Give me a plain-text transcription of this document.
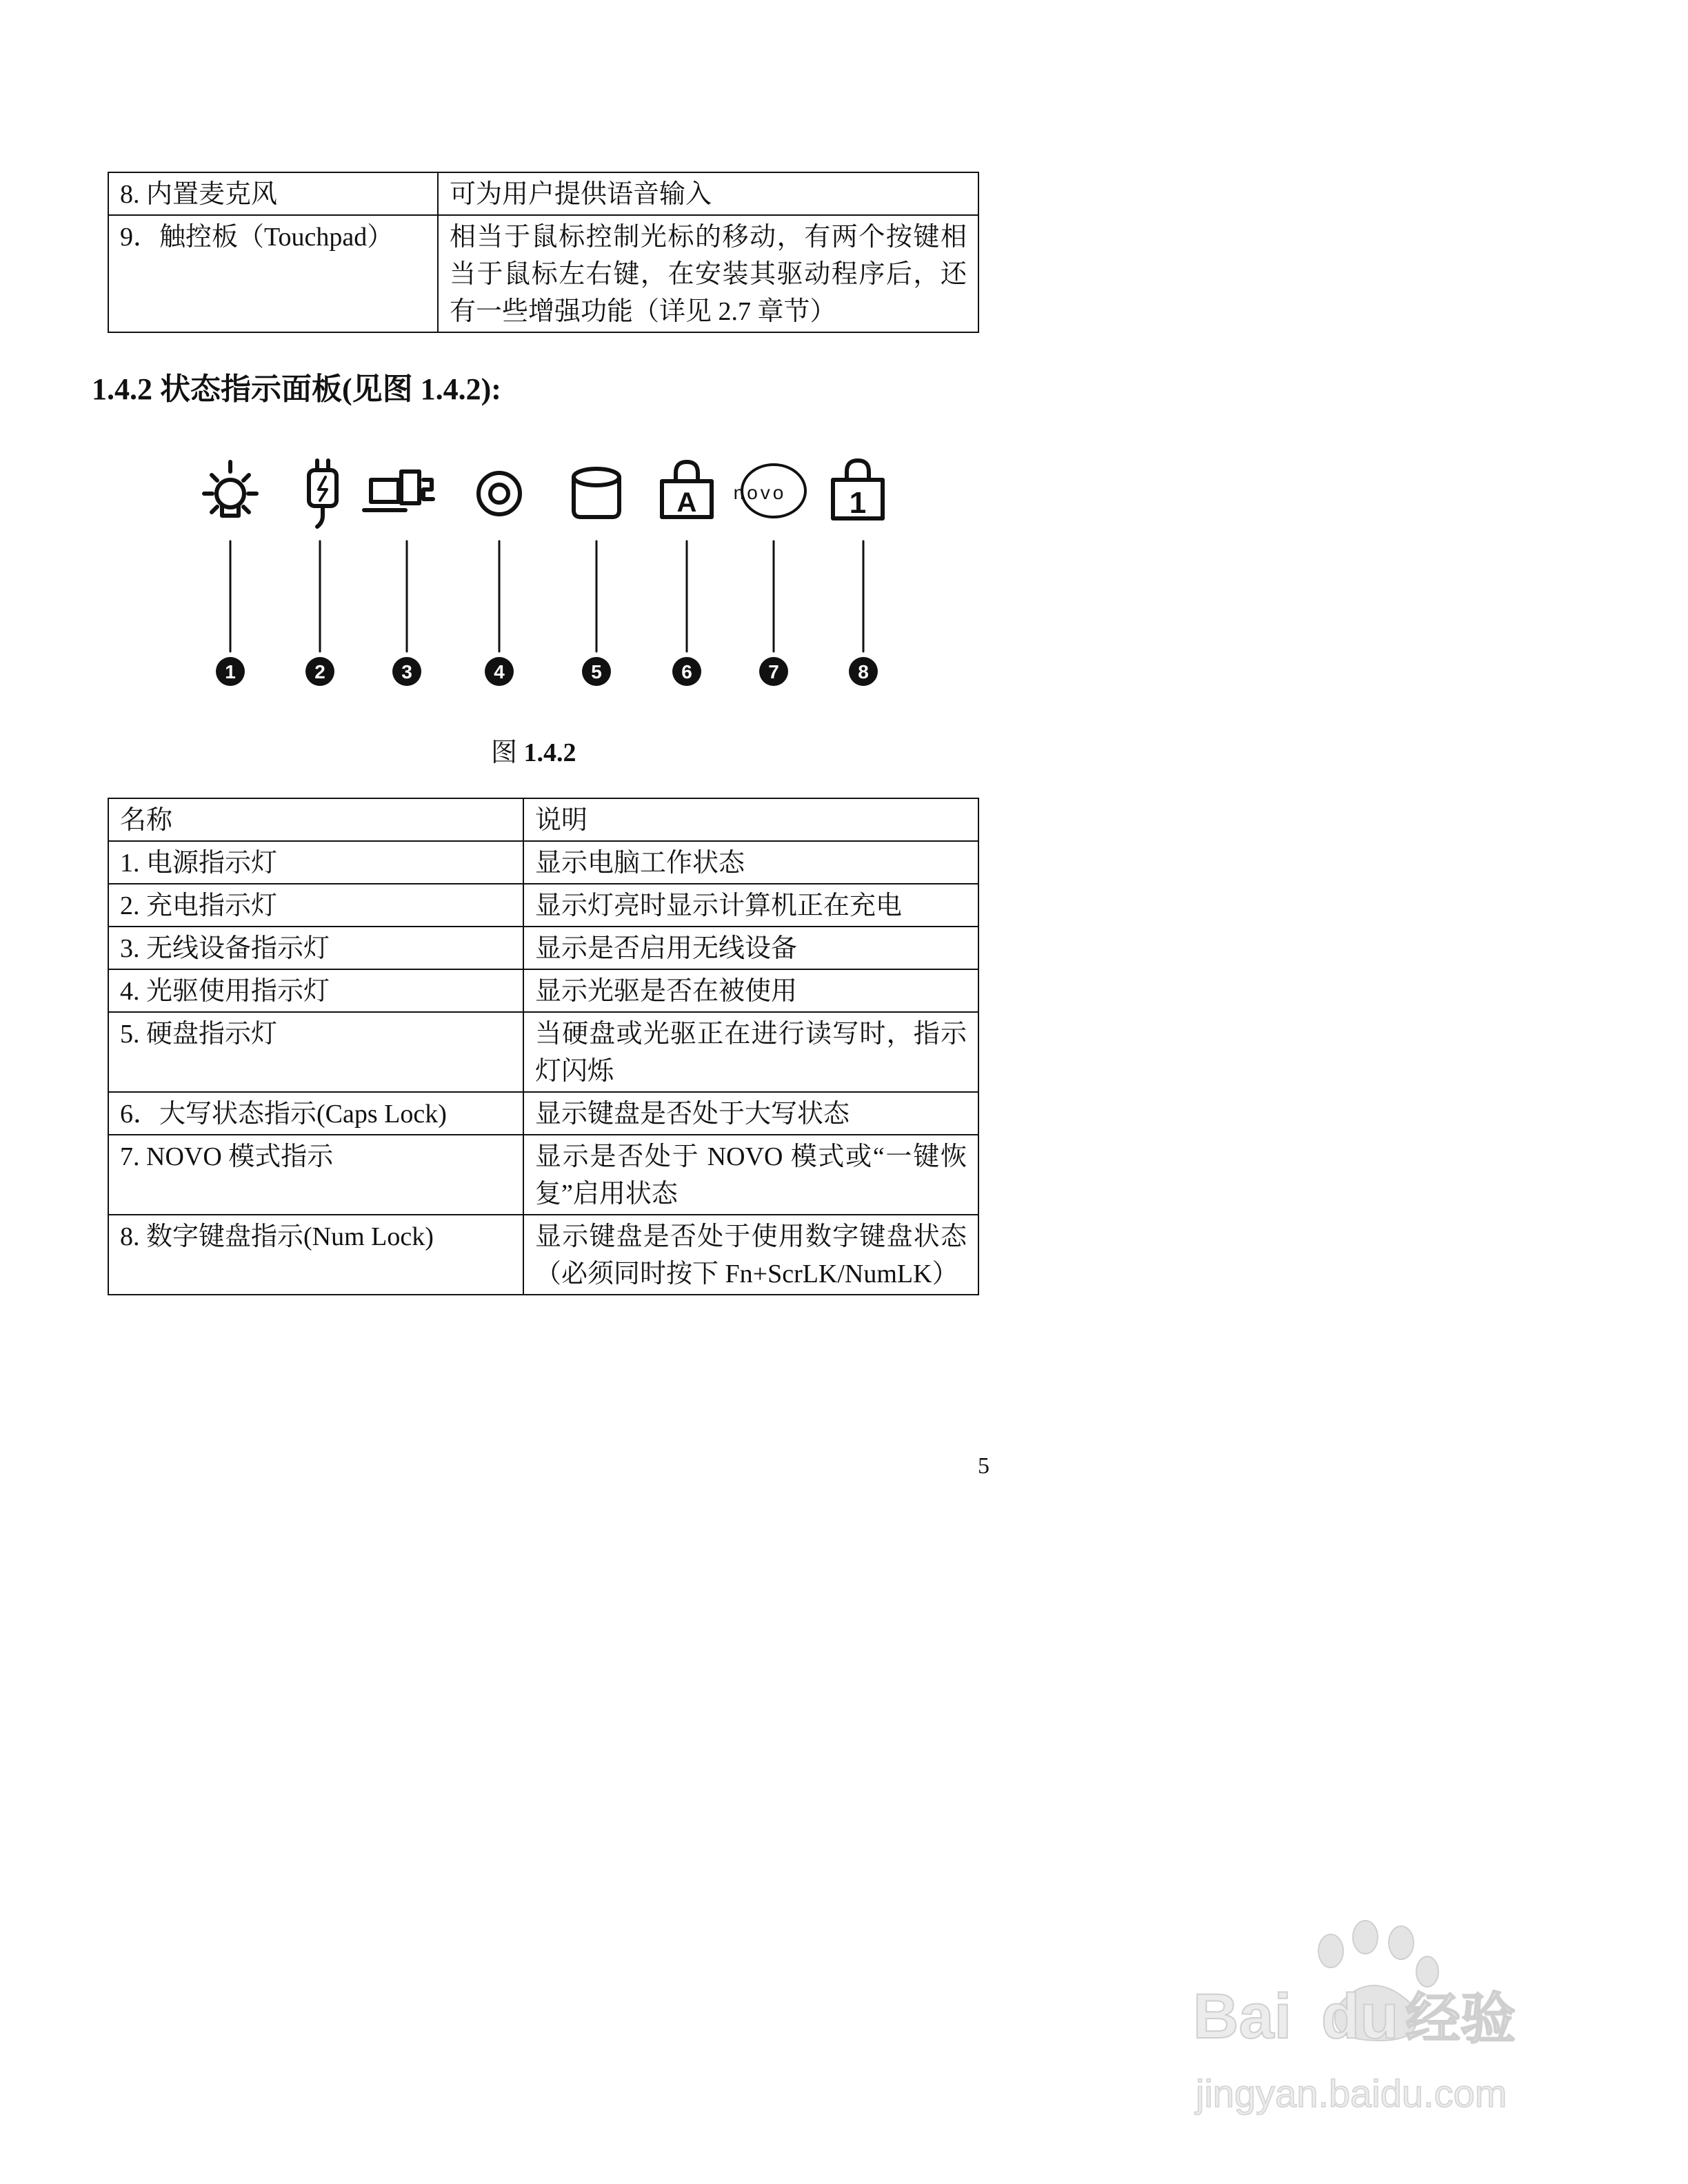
8. 内置麦克风	可为用户提供语音输入
9．触控板（Touchpad）	相当于鼠标控制光标的移动，有两个按键相当于鼠标左右键，在安装其驱动程序后，还有一些增强功能（详见 2.7 章节）
1.4.2 状态指示面板(见图 1.4.2):
A novo 1
1	2	3	4	5	6	7	8

图 1.4.2

名称	说明
1. 电源指示灯	显示电脑工作状态
2. 充电指示灯	显示灯亮时显示计算机正在充电
3. 无线设备指示灯	显示是否启用无线设备
4. 光驱使用指示灯	显示光驱是否在被使用
5. 硬盘指示灯	当硬盘或光驱正在进行读写时，指示灯闪烁
6．大写状态指示(Caps Lock)	显示键盘是否处于大写状态
7. NOVO 模式指示	显示是否处于 NOVO 模式或“一键恢复”启用状态
8. 数字键盘指示(Num Lock)	显示键盘是否处于使用数字键盘状态（必须同时按下 Fn+ScrLK/NumLK）

5

Bai du 经验
jingyan.baidu.com
